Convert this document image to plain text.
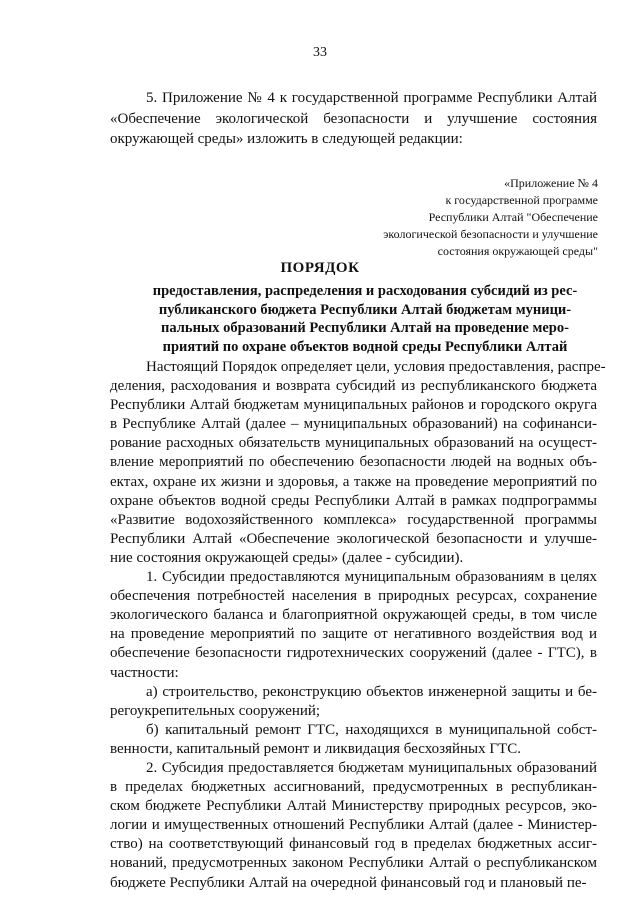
33

5. Приложение № 4 к государственной программе Республики Алтай «Обеспечение экологической безопасности и улучшение состояния окружающей среды» изложить в следующей редакции:

«Приложение № 4
к государственной программе
Республики Алтай "Обеспечение
экологической безопасности и улучшение
состояния окружающей среды"
ПОРЯДОК
предоставления, распределения и расходования субсидий из рес-
публиканского бюджета Республики Алтай бюджетам муници-
пальных образований Республики Алтай на проведение меро-
приятий по охране объектов водной среды Республики Алтай

Настоящий Порядок определяет цели, условия предоставления, распре-
деления, расходования и возврата субсидий из республиканского бюджета
Республики Алтай бюджетам муниципальных районов и городского округа
в Республике Алтай (далее – муниципальных образований) на софинанси-
рование расходных обязательств муниципальных образований на осущест-
вление мероприятий по обеспечению безопасности людей на водных объ-
ектах, охране их жизни и здоровья, а также на проведение мероприятий по
охране объектов водной среды Республики Алтай в рамках подпрограммы
«Развитие водохозяйственного комплекса» государственной программы
Республики Алтай «Обеспечение экологической безопасности и улучше-
ние состояния окружающей среды» (далее - субсидии).

1. Субсидии предоставляются муниципальным образованиям в целях
обеспечения потребностей населения в природных ресурсах, сохранение
экологического баланса и благоприятной окружающей среды, в том числе
на проведение мероприятий по защите от негативного воздействия вод и
обеспечение безопасности гидротехнических сооружений (далее - ГТС), в
частности:

а) строительство, реконструкцию объектов инженерной защиты и бе-
регоукрепительных сооружений;

б) капитальный ремонт ГТС, находящихся в муниципальной собст-
венности, капитальный ремонт и ликвидация бесхозяйных ГТС.

2. Субсидия предоставляется бюджетам муниципальных образований
в пределах бюджетных ассигнований, предусмотренных в республикан-
ском бюджете Республики Алтай Министерству природных ресурсов, эко-
логии и имущественных отношений Республики Алтай (далее - Министер-
ство) на соответствующий финансовый год в пределах бюджетных ассиг-
нований, предусмотренных законом Республики Алтай о республиканском
бюджете Республики Алтай на очередной финансовый год и плановый пе-
